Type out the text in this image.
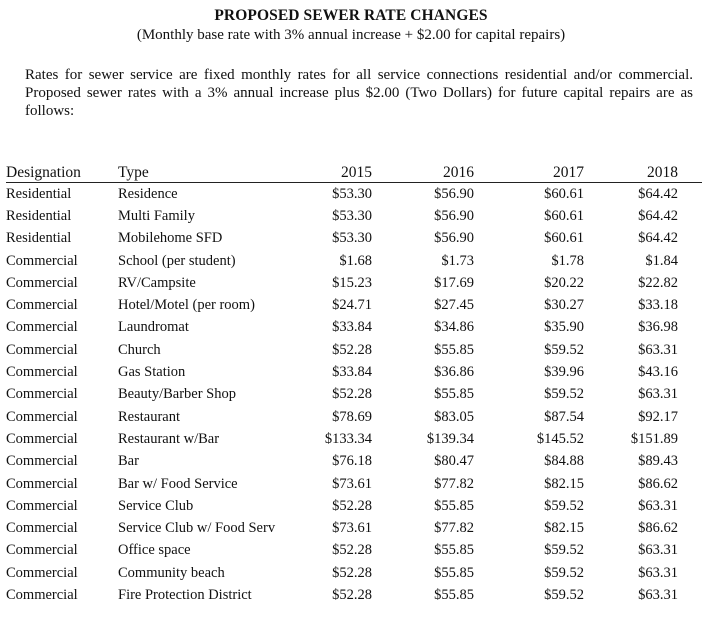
PROPOSED SEWER RATE CHANGES
(Monthly base rate with 3% annual increase + $2.00 for capital repairs)
Rates for sewer service are fixed monthly rates for all service connections residential and/or commercial. Proposed sewer rates with a 3% annual increase plus $2.00 (Two Dollars) for future capital repairs are as follows:
Designation	Type	2015	2016	2017	2018	
Residential	Residence	$53.30	$56.90	$60.61	$64.42	
Residential	Multi Family	$53.30	$56.90	$60.61	$64.42	
Residential	Mobilehome SFD	$53.30	$56.90	$60.61	$64.42	
Commercial	School (per student)	$1.68	$1.73	$1.78	$1.84	
Commercial	RV/Campsite	$15.23	$17.69	$20.22	$22.82	
Commercial	Hotel/Motel (per room)	$24.71	$27.45	$30.27	$33.18	
Commercial	Laundromat	$33.84	$34.86	$35.90	$36.98	
Commercial	Church	$52.28	$55.85	$59.52	$63.31	
Commercial	Gas Station	$33.84	$36.86	$39.96	$43.16	
Commercial	Beauty/Barber Shop	$52.28	$55.85	$59.52	$63.31	
Commercial	Restaurant	$78.69	$83.05	$87.54	$92.17	
Commercial	Restaurant w/Bar	$133.34	$139.34	$145.52	$151.89	
Commercial	Bar	$76.18	$80.47	$84.88	$89.43	
Commercial	Bar w/ Food Service	$73.61	$77.82	$82.15	$86.62	
Commercial	Service Club	$52.28	$55.85	$59.52	$63.31	
Commercial	Service Club w/ Food Serv	$73.61	$77.82	$82.15	$86.62	
Commercial	Office space	$52.28	$55.85	$59.52	$63.31	
Commercial	Community beach	$52.28	$55.85	$59.52	$63.31	
Commercial	Fire Protection District	$52.28	$55.85	$59.52	$63.31	
